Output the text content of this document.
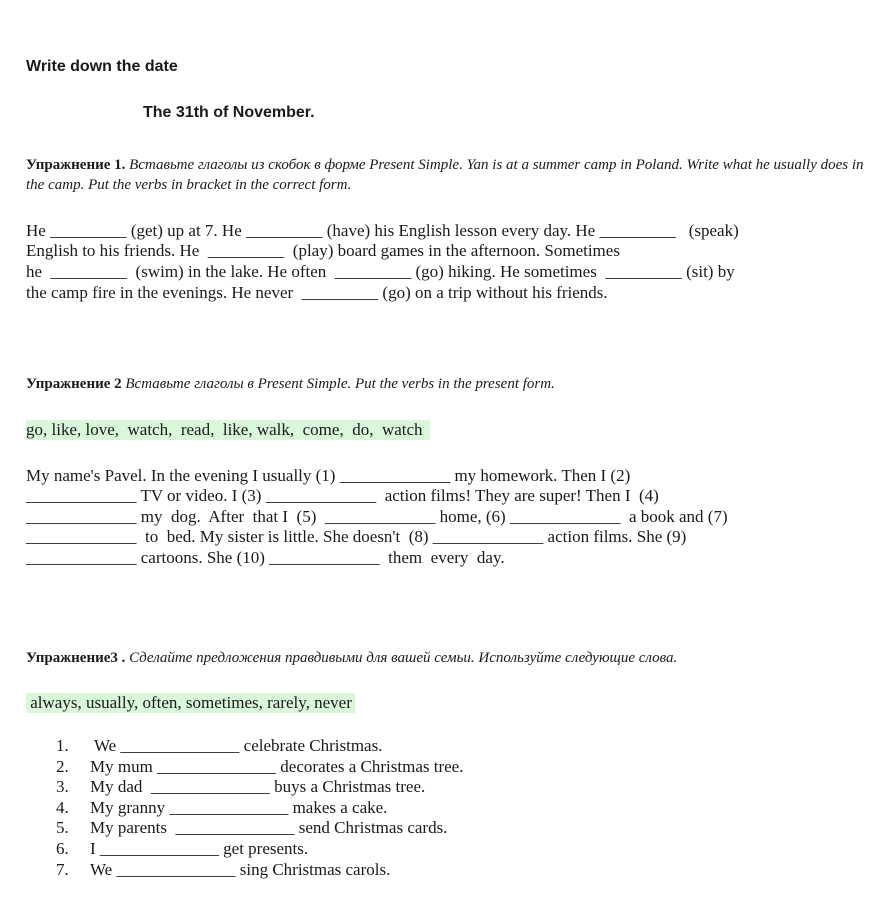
Write down the date
The 31th of November.
Упражнение 1. Вставьте глаголы из скобок в форме Present Simple. Yan is at a summer camp in Poland. Write what he usually does in the camp. Put the verbs in bracket in the correct form.
He _________ (get) up at 7. He _________ (have) his English lesson every day. He _________   (speak)
English to his friends. He  _________  (play) board games in the afternoon. Sometimes
he  _________  (swim) in the lake. He often  _________ (go) hiking. He sometimes  _________ (sit) by
the camp fire in the evenings. He never  _________ (go) on a trip without his friends.
Упражнение 2 Вставьте глаголы в Present Simple. Put the verbs in the present form.
go, like, love,  watch,  read,  like, walk,  come,  do,  watch
My name's Pavel. In the evening I usually (1) _____________ my homework. Then I (2)
_____________ TV or video. I (3) _____________  action films! They are super! Then I  (4)
_____________ my  dog.  After  that I  (5)  _____________ home, (6) _____________  a book and (7)
_____________  to  bed. My sister is little. She doesn't  (8) _____________ action films. She (9)
_____________ cartoons. She (10) _____________  them  every  day.
Упражнение3 . Сделайте предложения правдивыми для вашей семьи. Используйте следующие слова.
always, usually, often, sometimes, rarely, never
1. We ______________ celebrate Christmas.
2. My mum ______________ decorates a Christmas tree.
3. My dad  ______________ buys a Christmas tree.
4. My granny ______________ makes a cake.
5. My parents  ______________ send Christmas cards.
6. I ______________ get presents.
7. We ______________ sing Christmas carols.
